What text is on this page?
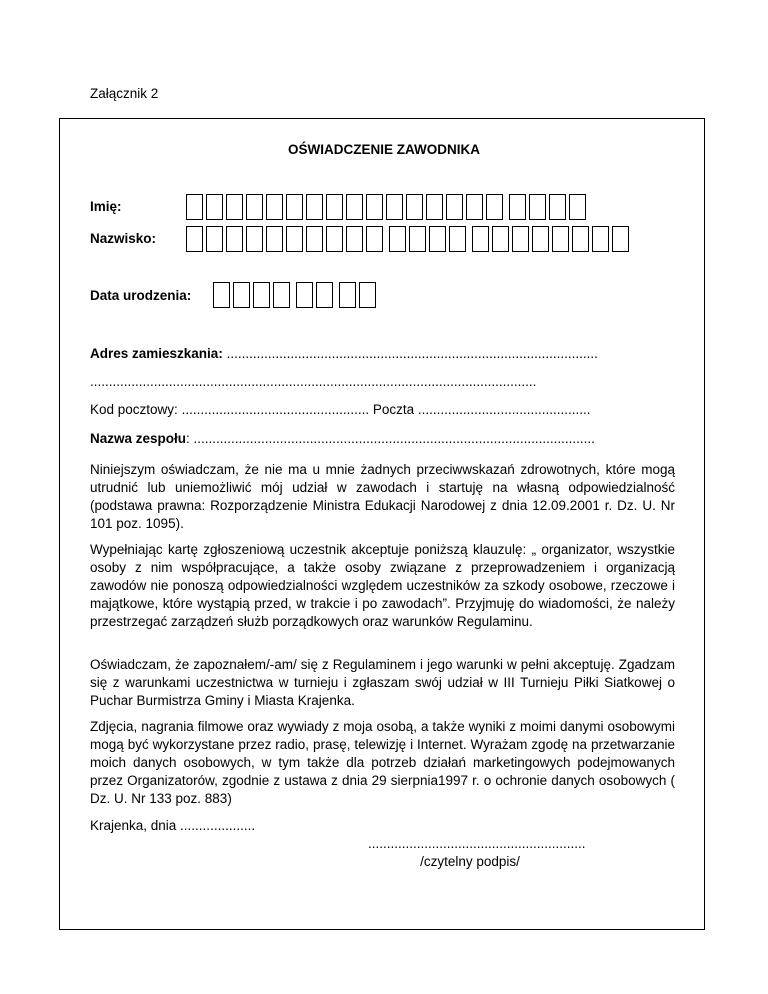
Załącznik 2
OŚWIADCZENIE ZAWODNIKA
Imię:
Nazwisko:
Data urodzenia:
Adres zamieszkania: ...................................................................................................
.......................................................................................................................
Kod pocztowy: .................................................. Poczta ..............................................
Nazwa zespołu: ...........................................................................................................
Niniejszym oświadczam, że nie ma u mnie żadnych przeciwwskazań zdrowotnych, które mogą utrudnić lub uniemożliwić mój udział w zawodach i startuję na własną odpowiedzialność (podstawa prawna: Rozporządzenie Ministra Edukacji Narodowej z dnia 12.09.2001 r. Dz. U. Nr 101 poz. 1095).
Wypełniając kartę zgłoszeniową uczestnik akceptuje poniższą klauzulę: „ organizator, wszystkie osoby z nim współpracujące, a także osoby związane z przeprowadzeniem i organizacją zawodów nie ponoszą odpowiedzialności względem uczestników za szkody osobowe, rzeczowe i majątkowe, które wystąpią przed, w trakcie i po zawodach”. Przyjmuję do wiadomości, że należy przestrzegać zarządzeń służb porządkowych oraz warunków Regulaminu.
Oświadczam, że zapoznałem/-am/ się z Regulaminem i jego warunki w pełni akceptuję. Zgadzam się z warunkami uczestnictwa w turnieju i zgłaszam swój udział w III Turnieju Piłki Siatkowej o Puchar Burmistrza Gminy i Miasta Krajenka.
Zdjęcia, nagrania filmowe oraz wywiady z moja osobą, a także wyniki z moimi danymi osobowymi mogą być wykorzystane przez radio, prasę, telewizję i Internet. Wyrażam zgodę na przetwarzanie moich danych osobowych, w tym także dla potrzeb działań marketingowych podejmowanych przez Organizatorów, zgodnie z ustawa z dnia 29 sierpnia1997 r. o ochronie danych osobowych ( Dz. U. Nr 133 poz. 883)
Krajenka, dnia ....................
..........................................................
/czytelny podpis/
